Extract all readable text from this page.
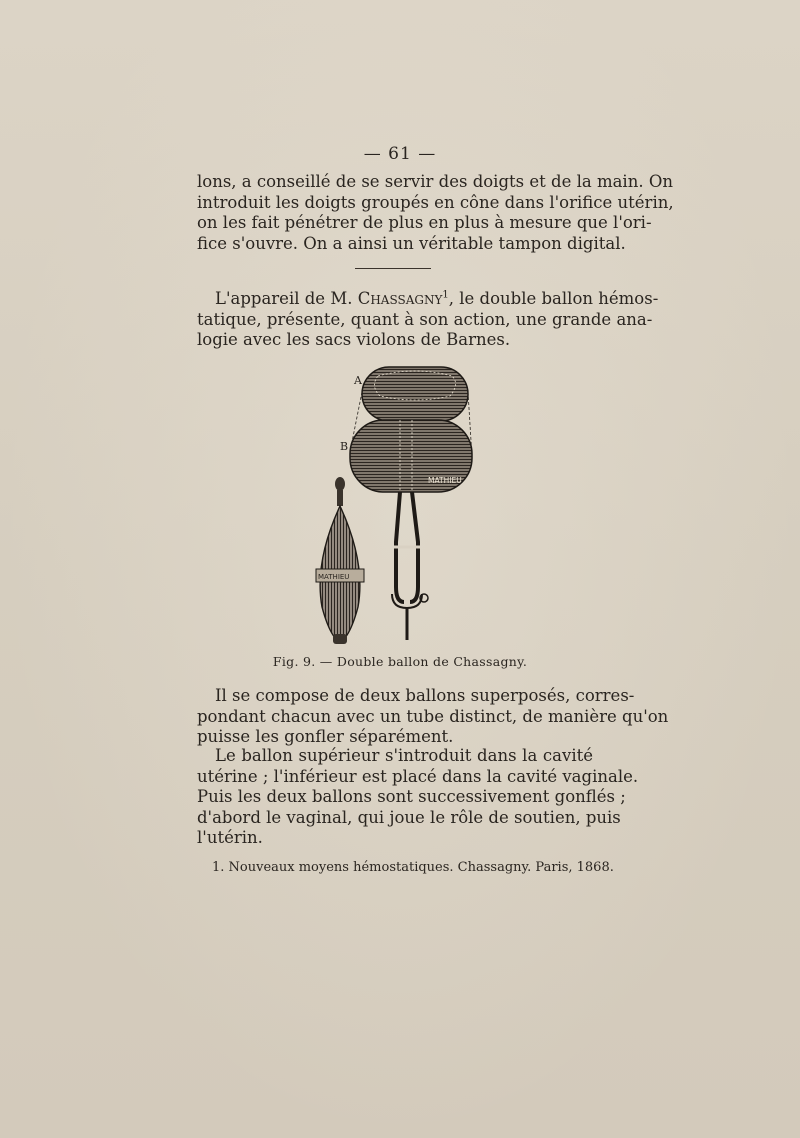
— 61 —
lons, a conseillé de se servir des doigts et de la main. On
introduit les doigts groupés en cône dans l'orifice utérin,
on les fait pénétrer de plus en plus à mesure que l'ori-
fice s'ouvre. On a ainsi un véritable tampon digital.
L'appareil de M. Chassagny$^1$, le double ballon hémos-
tatique, présente, quant à son action, une grande ana-
logie avec les sacs violons de Barnes.
A
B
MATHIEU
MATHIEU
Fig. 9. — Double ballon de Chassagny.
Il se compose de deux ballons superposés, corres-
pondant chacun avec un tube distinct, de manière qu'on
puisse les gonfler séparément.
Le ballon supérieur s'introduit dans la cavité
utérine ; l'inférieur est placé dans la cavité vaginale.
Puis les deux ballons sont successivement gonflés ;
d'abord le vaginal, qui joue le rôle de soutien, puis
l'utérin.
1. Nouveaux moyens hémostatiques. Chassagny. Paris, 1868.
